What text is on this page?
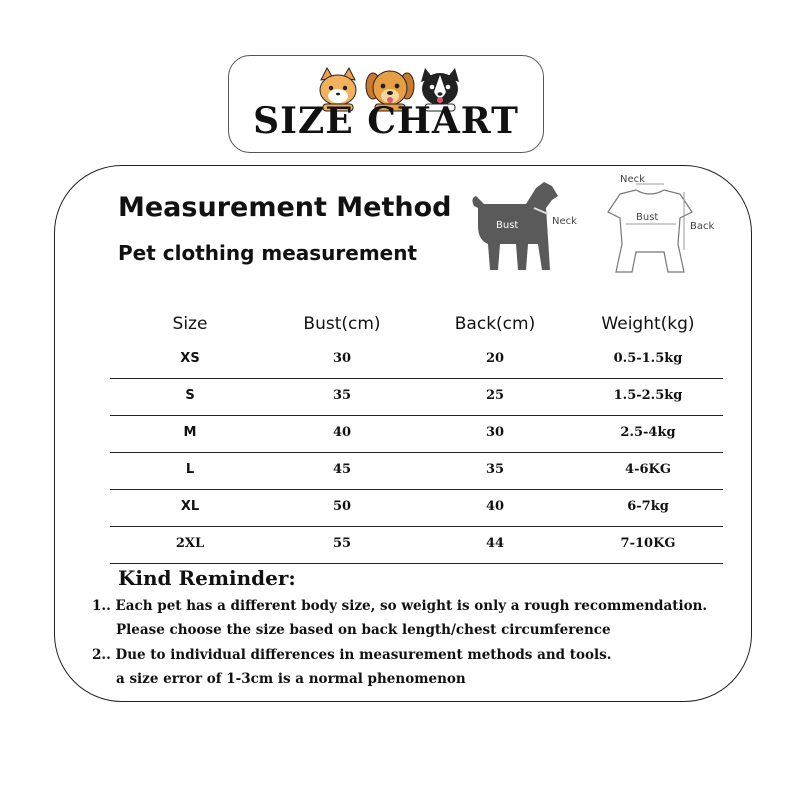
SIZE CHART
Measurement Method
Pet clothing measurement
Back
Bust	Neck
Neck
Bust
Back
Size	Bust(cm)	Back(cm)	Weight(kg)
XS	30	20	0.5-1.5kg
S	35	25	1.5-2.5kg
M	40	30	2.5-4kg
L	45	35	4-6KG
XL	50	40	6-7kg
2XL	55	44	7-10KG
Kind Reminder:
1.. Each pet has a different body size, so weight is only a rough recommendation.
Please choose the size based on back length/chest circumference
2.. Due to individual differences in measurement methods and tools.
a size error of 1-3cm is a normal phenomenon
